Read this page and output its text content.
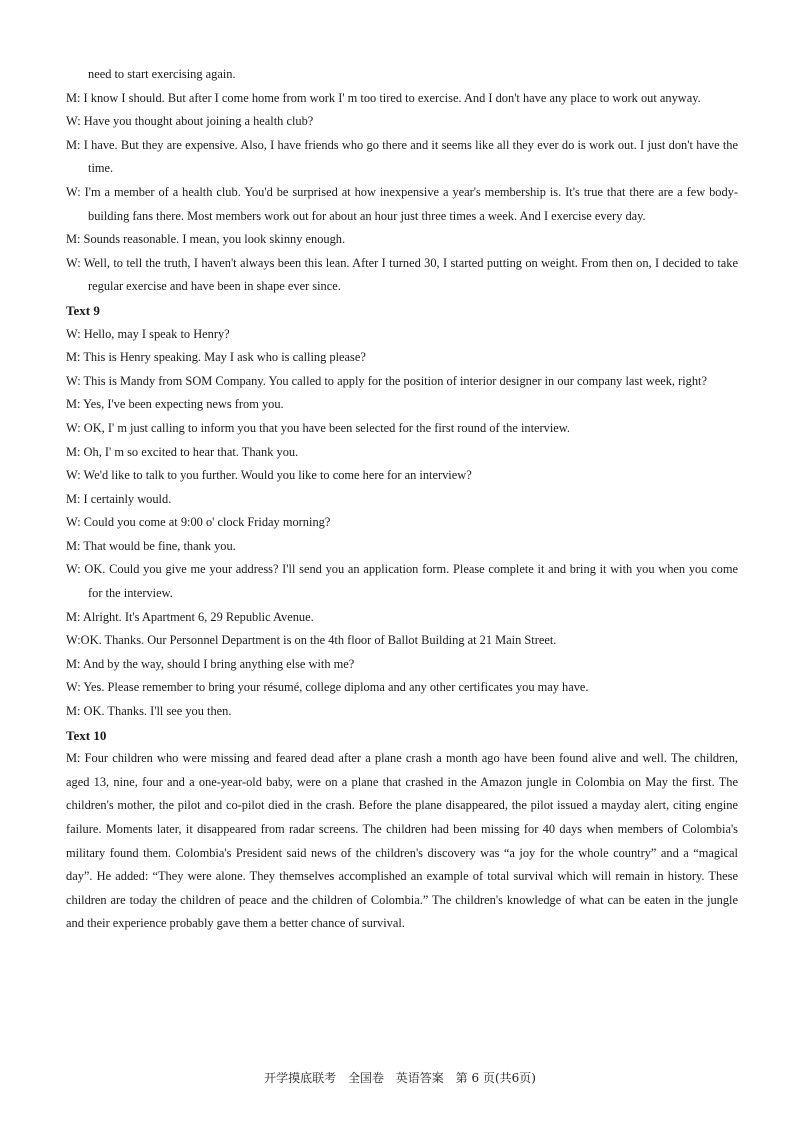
need to start exercising again.
M: I know I should. But after I come home from work I' m too tired to exercise. And I don't have any place to work out anyway.
W: Have you thought about joining a health club?
M: I have. But they are expensive. Also, I have friends who go there and it seems like all they ever do is work out. I just don't have the time.
W: I'm a member of a health club. You'd be surprised at how inexpensive a year's membership is. It's true that there are a few body-building fans there. Most members work out for about an hour just three times a week. And I exercise every day.
M: Sounds reasonable. I mean, you look skinny enough.
W: Well, to tell the truth, I haven't always been this lean. After I turned 30, I started putting on weight. From then on, I decided to take regular exercise and have been in shape ever since.
Text 9
W: Hello, may I speak to Henry?
M: This is Henry speaking. May I ask who is calling please?
W: This is Mandy from SOM Company. You called to apply for the position of interior designer in our company last week, right?
M: Yes, I've been expecting news from you.
W: OK, I' m just calling to inform you that you have been selected for the first round of the interview.
M: Oh, I' m so excited to hear that. Thank you.
W: We'd like to talk to you further. Would you like to come here for an interview?
M: I certainly would.
W: Could you come at 9:00 o' clock Friday morning?
M: That would be fine, thank you.
W: OK. Could you give me your address? I'll send you an application form. Please complete it and bring it with you when you come for the interview.
M: Alright. It's Apartment 6, 29 Republic Avenue.
W:OK. Thanks. Our Personnel Department is on the 4th floor of Ballot Building at 21 Main Street.
M: And by the way, should I bring anything else with me?
W: Yes. Please remember to bring your résumé, college diploma and any other certificates you may have.
M: OK. Thanks. I'll see you then.
Text 10
M: Four children who were missing and feared dead after a plane crash a month ago have been found alive and well. The children, aged 13, nine, four and a one-year-old baby, were on a plane that crashed in the Amazon jungle in Colombia on May the first. The children's mother, the pilot and co-pilot died in the crash. Before the plane disappeared, the pilot issued a mayday alert, citing engine failure. Moments later, it disappeared from radar screens. The children had been missing for 40 days when members of Colombia's military found them. Colombia's President said news of the children's discovery was “a joy for the whole country” and a “magical day”. He added: “They were alone. They themselves accomplished an example of total survival which will remain in history. These children are today the children of peace and the children of Colombia.” The children's knowledge of what can be eaten in the jungle and their experience probably gave them a better chance of survival.
开学摸底联考 全国卷 英语答案 第 6 页(共6页)
